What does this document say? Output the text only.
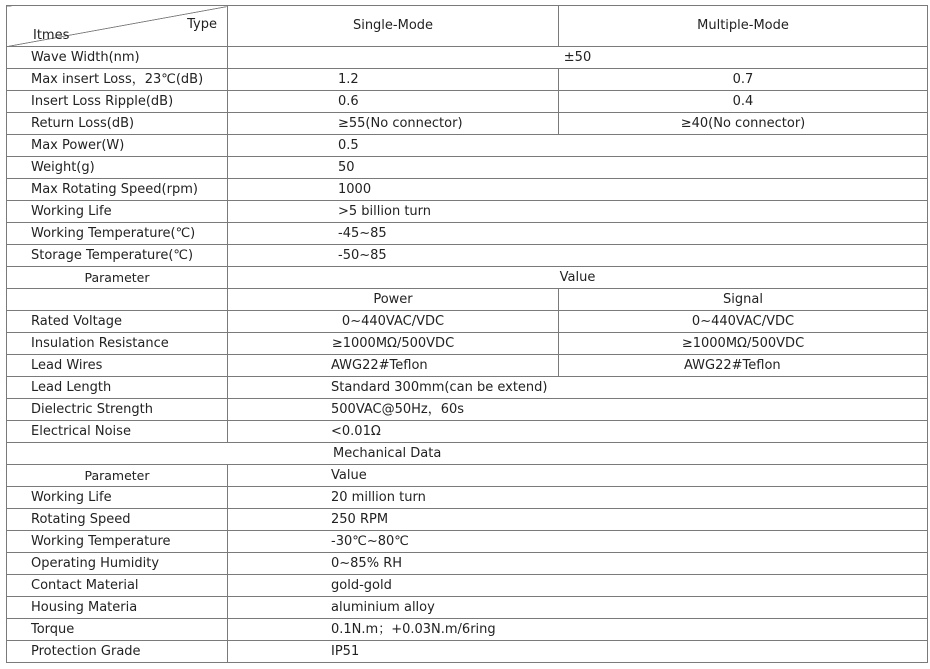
Itmes
Type	Single-Mode	Multiple-Mode
Wave Width(nm)	±50	
Max insert Loss，23℃(dB)	1.2	0.7
Insert Loss Ripple(dB)	0.6	0.4
Return Loss(dB)	≥55(No connector)	≥40(No connector)
Max Power(W)	0.5	
Weight(g)	50	
Max Rotating Speed(rpm)	1000	
Working Life	>5 billion turn	
Working Temperature(℃)	-45~85	
Storage Temperature(℃)	-50~85	
Parameter	Value	
	Power	Signal
Rated Voltage	0~440VAC/VDC	0~440VAC/VDC
Insulation Resistance	≥1000MΩ/500VDC	≥1000MΩ/500VDC
Lead Wires	AWG22#Teflon	AWG22#Teflon
Lead Length	Standard 300mm(can be extend)	
Dielectric Strength	500VAC@50Hz，60s	
Electrical Noise	<0.01Ω	
Mechanical Data		
Parameter	Value	
Working Life	20 million turn	
Rotating Speed	250 RPM	
Working Temperature	-30℃~80℃	
Operating Humidity	0~85% RH	
Contact Material	gold-gold	
Housing Materia	aluminium alloy	
Torque	0.1N.m；+0.03N.m/6ring	
Protection Grade	IP51	
